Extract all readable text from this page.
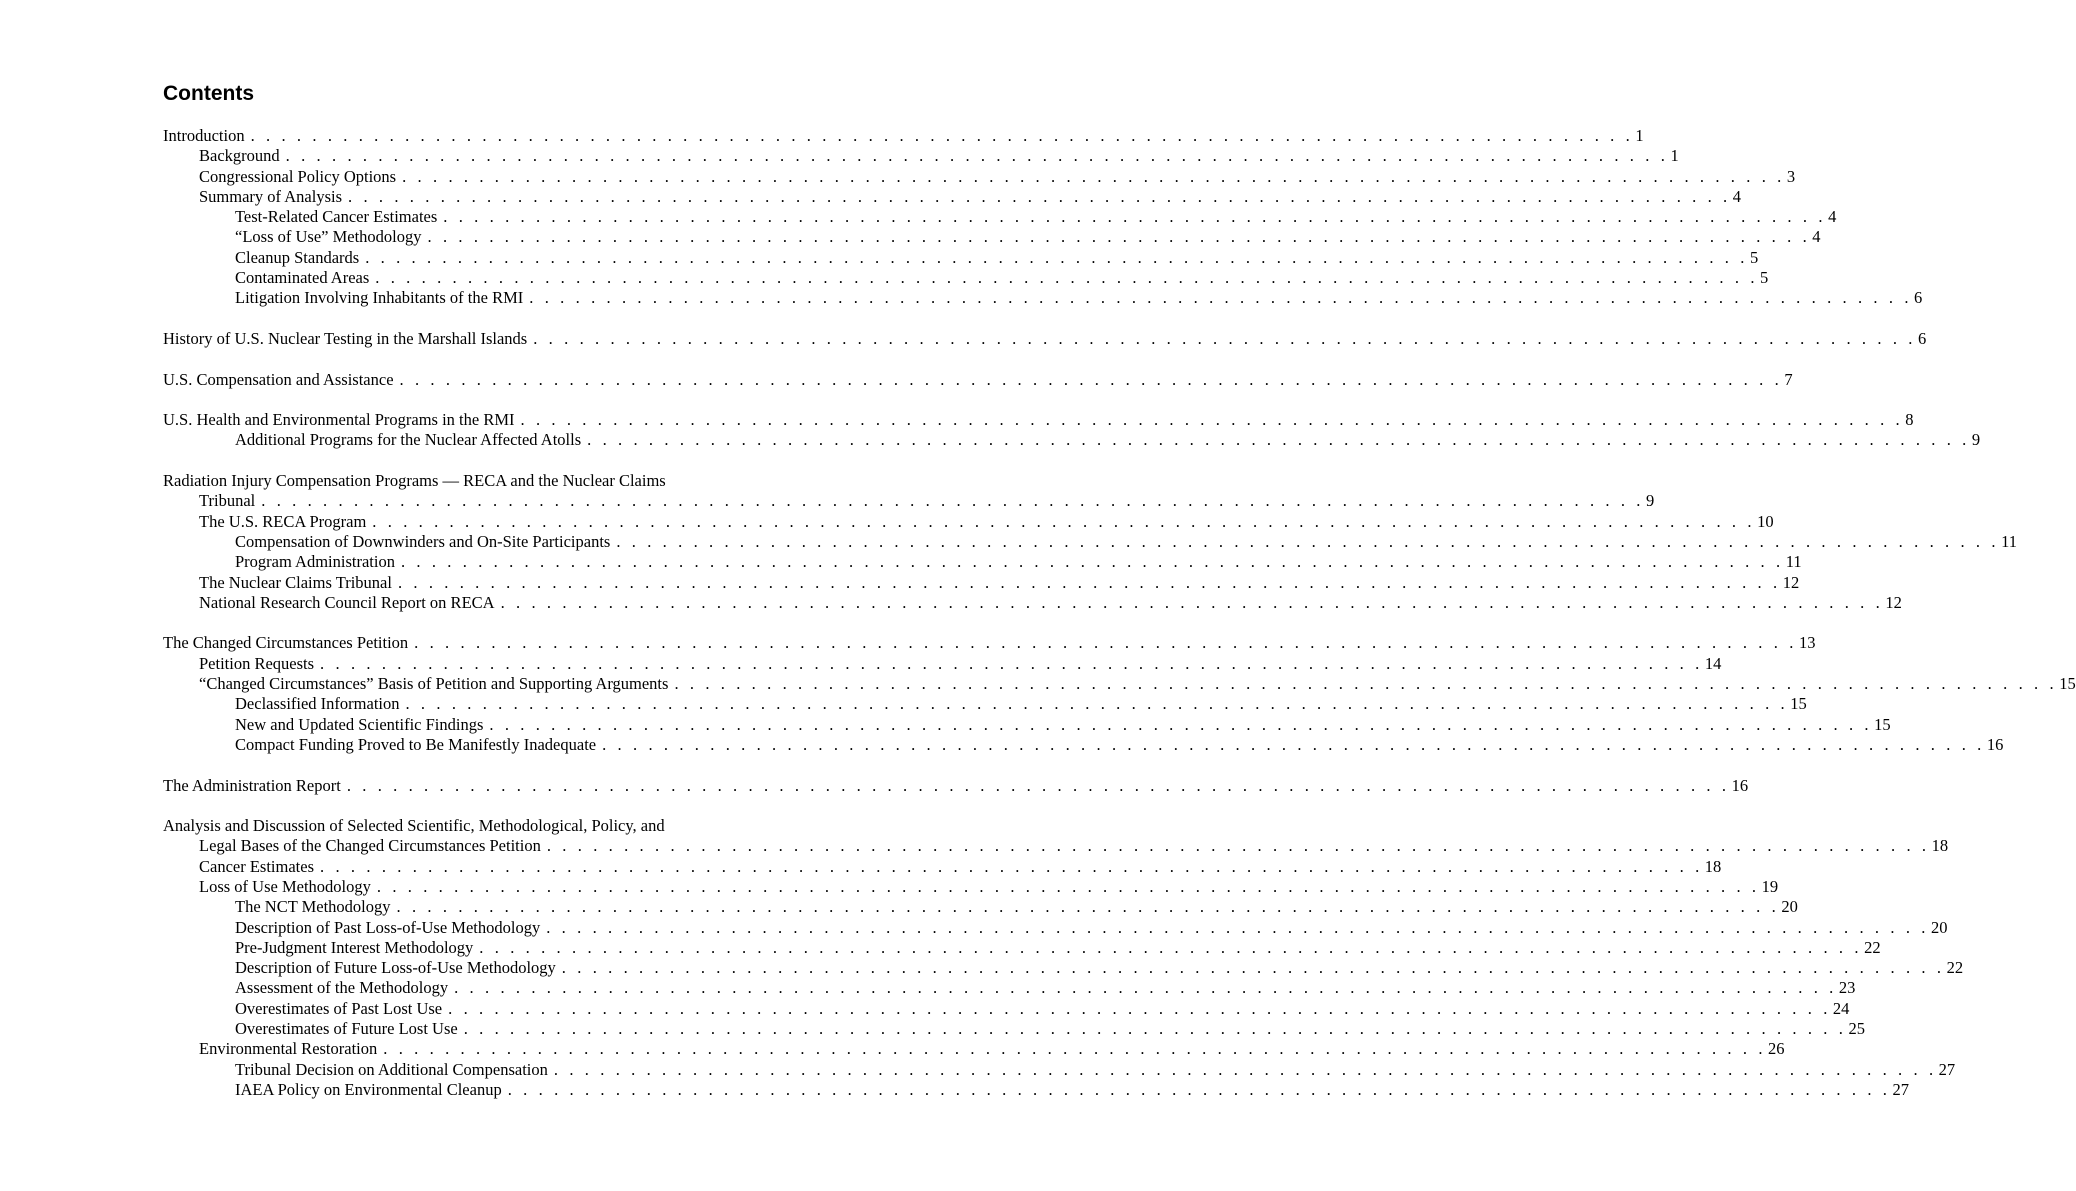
Contents
Introduction . . . . . . . . . . . . . . . . . . . . . . . . . . . . . . . . . . . . . . . . . . . . . . . . . . . . . . . . . . . . . . . . . . . . . . . . . . . . . . . . . . . . . . . . . . 1
Background . . . . . . . . . . . . . . . . . . . . . . . . . . . . . . . . . . . . . . . . . . . . . . . . . . . . . . . . . . . . . . . . . . . . . . . . . . . . . . . . . . . . . . . . . . 1
Congressional Policy Options . . . . . . . . . . . . . . . . . . . . . . . . . . . . . . . . . . . . . . . . . . . . . . . . . . . . . . . . . . . . . . . . . . . . . . . . . . . . . . . . . . . . . . . . . . 3
Summary of Analysis . . . . . . . . . . . . . . . . . . . . . . . . . . . . . . . . . . . . . . . . . . . . . . . . . . . . . . . . . . . . . . . . . . . . . . . . . . . . . . . . . . . . . . . . . . 4
Test-Related Cancer Estimates . . . . . . . . . . . . . . . . . . . . . . . . . . . . . . . . . . . . . . . . . . . . . . . . . . . . . . . . . . . . . . . . . . . . . . . . . . . . . . . . . . . . . . . . . . 4
“Loss of Use” Methodology . . . . . . . . . . . . . . . . . . . . . . . . . . . . . . . . . . . . . . . . . . . . . . . . . . . . . . . . . . . . . . . . . . . . . . . . . . . . . . . . . . . . . . . . . . 4
Cleanup Standards . . . . . . . . . . . . . . . . . . . . . . . . . . . . . . . . . . . . . . . . . . . . . . . . . . . . . . . . . . . . . . . . . . . . . . . . . . . . . . . . . . . . . . . . . . 5
Contaminated Areas . . . . . . . . . . . . . . . . . . . . . . . . . . . . . . . . . . . . . . . . . . . . . . . . . . . . . . . . . . . . . . . . . . . . . . . . . . . . . . . . . . . . . . . . . . 5
Litigation Involving Inhabitants of the RMI . . . . . . . . . . . . . . . . . . . . . . . . . . . . . . . . . . . . . . . . . . . . . . . . . . . . . . . . . . . . . . . . . . . . . . . . . . . . . . . . . . . . . . . . . . 6
History of U.S. Nuclear Testing in the Marshall Islands . . . . . . . . . . . . . . . . . . . . . . . . . . . . . . . . . . . . . . . . . . . . . . . . . . . . . . . . . . . . . . . . . . . . . . . . . . . . . . . . . . . . . . . . . . 6
U.S. Compensation and Assistance . . . . . . . . . . . . . . . . . . . . . . . . . . . . . . . . . . . . . . . . . . . . . . . . . . . . . . . . . . . . . . . . . . . . . . . . . . . . . . . . . . . . . . . . . . 7
U.S. Health and Environmental Programs in the RMI . . . . . . . . . . . . . . . . . . . . . . . . . . . . . . . . . . . . . . . . . . . . . . . . . . . . . . . . . . . . . . . . . . . . . . . . . . . . . . . . . . . . . . . . . . 8
Additional Programs for the Nuclear Affected Atolls . . . . . . . . . . . . . . . . . . . . . . . . . . . . . . . . . . . . . . . . . . . . . . . . . . . . . . . . . . . . . . . . . . . . . . . . . . . . . . . . . . . . . . . . . . 9
Radiation Injury Compensation Programs — RECA and the Nuclear Claims
Tribunal . . . . . . . . . . . . . . . . . . . . . . . . . . . . . . . . . . . . . . . . . . . . . . . . . . . . . . . . . . . . . . . . . . . . . . . . . . . . . . . . . . . . . . . . . . 9
The U.S. RECA Program . . . . . . . . . . . . . . . . . . . . . . . . . . . . . . . . . . . . . . . . . . . . . . . . . . . . . . . . . . . . . . . . . . . . . . . . . . . . . . . . . . . . . . . . . . 10
Compensation of Downwinders and On-Site Participants . . . . . . . . . . . . . . . . . . . . . . . . . . . . . . . . . . . . . . . . . . . . . . . . . . . . . . . . . . . . . . . . . . . . . . . . . . . . . . . . . . . . . . . . . . 11
Program Administration . . . . . . . . . . . . . . . . . . . . . . . . . . . . . . . . . . . . . . . . . . . . . . . . . . . . . . . . . . . . . . . . . . . . . . . . . . . . . . . . . . . . . . . . . . 11
The Nuclear Claims Tribunal . . . . . . . . . . . . . . . . . . . . . . . . . . . . . . . . . . . . . . . . . . . . . . . . . . . . . . . . . . . . . . . . . . . . . . . . . . . . . . . . . . . . . . . . . . 12
National Research Council Report on RECA . . . . . . . . . . . . . . . . . . . . . . . . . . . . . . . . . . . . . . . . . . . . . . . . . . . . . . . . . . . . . . . . . . . . . . . . . . . . . . . . . . . . . . . . . . 12
The Changed Circumstances Petition . . . . . . . . . . . . . . . . . . . . . . . . . . . . . . . . . . . . . . . . . . . . . . . . . . . . . . . . . . . . . . . . . . . . . . . . . . . . . . . . . . . . . . . . . . 13
Petition Requests . . . . . . . . . . . . . . . . . . . . . . . . . . . . . . . . . . . . . . . . . . . . . . . . . . . . . . . . . . . . . . . . . . . . . . . . . . . . . . . . . . . . . . . . . . 14
“Changed Circumstances” Basis of Petition and Supporting Arguments . . . . . . . . . . . . . . . . . . . . . . . . . . . . . . . . . . . . . . . . . . . . . . . . . . . . . . . . . . . . . . . . . . . . . . . . . . . . . . . . . . . . . . . . . . 15
Declassified Information . . . . . . . . . . . . . . . . . . . . . . . . . . . . . . . . . . . . . . . . . . . . . . . . . . . . . . . . . . . . . . . . . . . . . . . . . . . . . . . . . . . . . . . . . . 15
New and Updated Scientific Findings . . . . . . . . . . . . . . . . . . . . . . . . . . . . . . . . . . . . . . . . . . . . . . . . . . . . . . . . . . . . . . . . . . . . . . . . . . . . . . . . . . . . . . . . . . 15
Compact Funding Proved to Be Manifestly Inadequate . . . . . . . . . . . . . . . . . . . . . . . . . . . . . . . . . . . . . . . . . . . . . . . . . . . . . . . . . . . . . . . . . . . . . . . . . . . . . . . . . . . . . . . . . . 16
The Administration Report . . . . . . . . . . . . . . . . . . . . . . . . . . . . . . . . . . . . . . . . . . . . . . . . . . . . . . . . . . . . . . . . . . . . . . . . . . . . . . . . . . . . . . . . . . 16
Analysis and Discussion of Selected Scientific, Methodological, Policy, and
Legal Bases of the Changed Circumstances Petition . . . . . . . . . . . . . . . . . . . . . . . . . . . . . . . . . . . . . . . . . . . . . . . . . . . . . . . . . . . . . . . . . . . . . . . . . . . . . . . . . . . . . . . . . . 18
Cancer Estimates . . . . . . . . . . . . . . . . . . . . . . . . . . . . . . . . . . . . . . . . . . . . . . . . . . . . . . . . . . . . . . . . . . . . . . . . . . . . . . . . . . . . . . . . . . 18
Loss of Use Methodology . . . . . . . . . . . . . . . . . . . . . . . . . . . . . . . . . . . . . . . . . . . . . . . . . . . . . . . . . . . . . . . . . . . . . . . . . . . . . . . . . . . . . . . . . . 19
The NCT Methodology . . . . . . . . . . . . . . . . . . . . . . . . . . . . . . . . . . . . . . . . . . . . . . . . . . . . . . . . . . . . . . . . . . . . . . . . . . . . . . . . . . . . . . . . . . 20
Description of Past Loss-of-Use Methodology . . . . . . . . . . . . . . . . . . . . . . . . . . . . . . . . . . . . . . . . . . . . . . . . . . . . . . . . . . . . . . . . . . . . . . . . . . . . . . . . . . . . . . . . . . 20
Pre-Judgment Interest Methodology . . . . . . . . . . . . . . . . . . . . . . . . . . . . . . . . . . . . . . . . . . . . . . . . . . . . . . . . . . . . . . . . . . . . . . . . . . . . . . . . . . . . . . . . . . 22
Description of Future Loss-of-Use Methodology . . . . . . . . . . . . . . . . . . . . . . . . . . . . . . . . . . . . . . . . . . . . . . . . . . . . . . . . . . . . . . . . . . . . . . . . . . . . . . . . . . . . . . . . . . 22
Assessment of the Methodology . . . . . . . . . . . . . . . . . . . . . . . . . . . . . . . . . . . . . . . . . . . . . . . . . . . . . . . . . . . . . . . . . . . . . . . . . . . . . . . . . . . . . . . . . . 23
Overestimates of Past Lost Use . . . . . . . . . . . . . . . . . . . . . . . . . . . . . . . . . . . . . . . . . . . . . . . . . . . . . . . . . . . . . . . . . . . . . . . . . . . . . . . . . . . . . . . . . . 24
Overestimates of Future Lost Use . . . . . . . . . . . . . . . . . . . . . . . . . . . . . . . . . . . . . . . . . . . . . . . . . . . . . . . . . . . . . . . . . . . . . . . . . . . . . . . . . . . . . . . . . . 25
Environmental Restoration . . . . . . . . . . . . . . . . . . . . . . . . . . . . . . . . . . . . . . . . . . . . . . . . . . . . . . . . . . . . . . . . . . . . . . . . . . . . . . . . . . . . . . . . . . 26
Tribunal Decision on Additional Compensation . . . . . . . . . . . . . . . . . . . . . . . . . . . . . . . . . . . . . . . . . . . . . . . . . . . . . . . . . . . . . . . . . . . . . . . . . . . . . . . . . . . . . . . . . . 27
IAEA Policy on Environmental Cleanup . . . . . . . . . . . . . . . . . . . . . . . . . . . . . . . . . . . . . . . . . . . . . . . . . . . . . . . . . . . . . . . . . . . . . . . . . . . . . . . . . . . . . . . . . . 27
